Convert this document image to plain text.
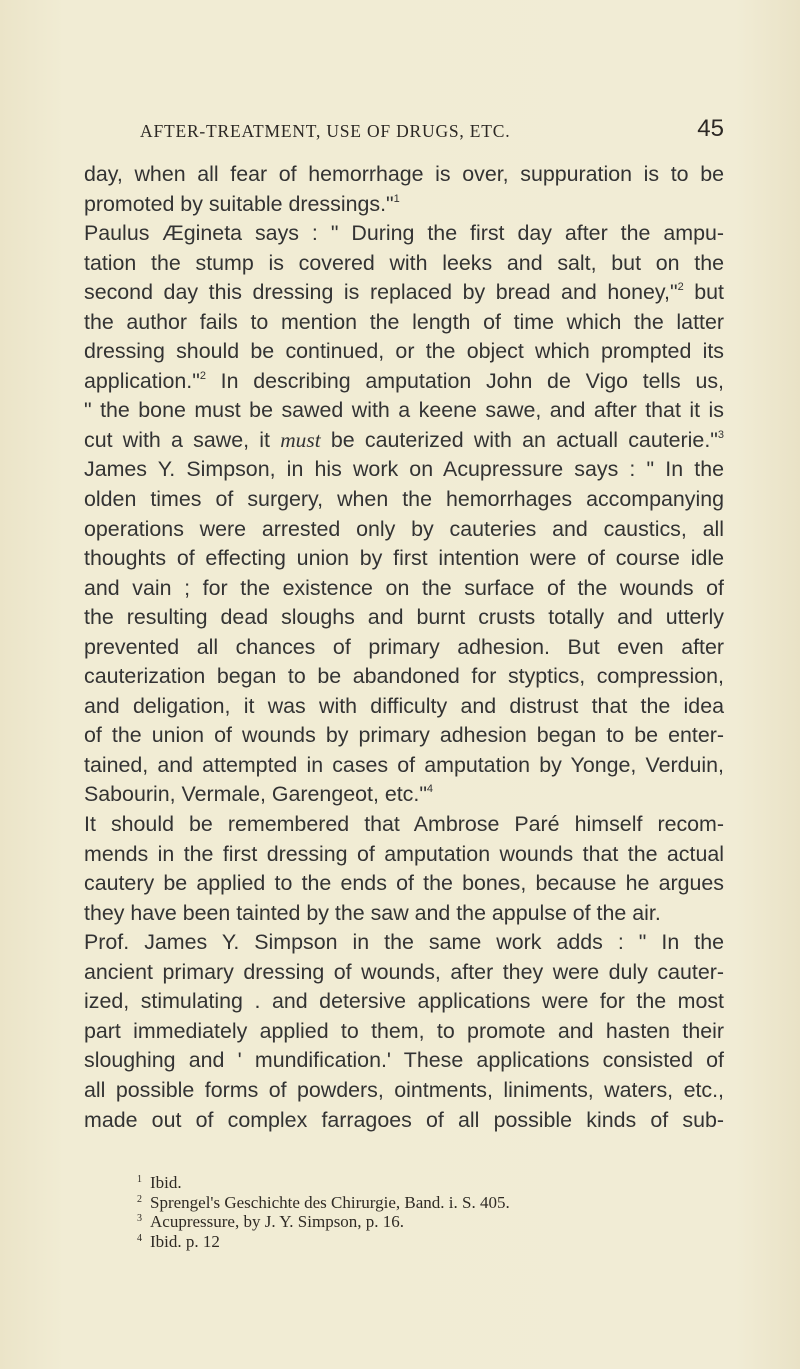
AFTER-TREATMENT, USE OF DRUGS, ETC.	45
day, when all fear of hemorrhage is over, suppuration is to be
promoted by suitable dressings."$^1$
Paulus Ægineta says : " During the first day after the ampu-
tation the stump is covered with leeks and salt, but on the
second day this dressing is replaced by bread and honey,"$^2$ but
the author fails to mention the length of time which the latter
dressing should be continued, or the object which prompted its
application."$^2$ In describing amputation John de Vigo tells us,
" the bone must be sawed with a keene sawe, and after that it is
cut with a sawe, it must be cauterized with an actuall cauterie."$^3$
James Y. Simpson, in his work on Acupressure says : " In the
olden times of surgery, when the hemorrhages accompanying
operations were arrested only by cauteries and caustics, all
thoughts of effecting union by first intention were of course idle
and vain ; for the existence on the surface of the wounds of
the resulting dead sloughs and burnt crusts totally and utterly
prevented all chances of primary adhesion. But even after
cauterization began to be abandoned for styptics, compression,
and deligation, it was with difficulty and distrust that the idea
of the union of wounds by primary adhesion began to be enter-
tained, and attempted in cases of amputation by Yonge, Verduin,
Sabourin, Vermale, Garengeot, etc."$^4$
It should be remembered that Ambrose Paré himself recom-
mends in the first dressing of amputation wounds that the actual
cautery be applied to the ends of the bones, because he argues
they have been tainted by the saw and the appulse of the air.
Prof. James Y. Simpson in the same work adds : " In the
ancient primary dressing of wounds, after they were duly cauter-
ized, stimulating . and detersive applications were for the most
part immediately applied to them, to promote and hasten their
sloughing and ' mundification.' These applications consisted of
all possible forms of powders, ointments, liniments, waters, etc.,
made out of complex farragoes of all possible kinds of sub-
$^1$ Ibid.
$^2$ Sprengel's Geschichte des Chirurgie, Band. i. S. 405.
$^3$ Acupressure, by J. Y. Simpson, p. 16.
$^4$ Ibid. p. 12
